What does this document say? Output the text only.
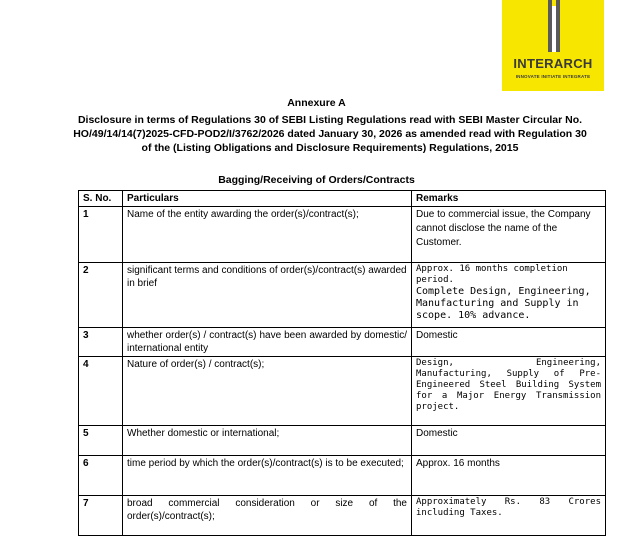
INTERARCH
INNOVATE INITIATE INTEGRATE
Annexure A
Disclosure in terms of Regulations 30 of SEBI Listing Regulations read with SEBI Master Circular No. HO/49/14/14(7)2025-CFD-POD2/I/3762/2026 dated January 30, 2026 as amended read with Regulation 30 of the (Listing Obligations and Disclosure Requirements) Regulations, 2015
Bagging/Receiving of Orders/Contracts
S. No.	Particulars	Remarks
1	Name of the entity awarding the order(s)/contract(s);	Due to commercial issue, the Company cannot disclose the name of the Customer.
2	significant terms and conditions of order(s)/contract(s) awarded in brief	Approx. 16 months completion period.
Complete Design, Engineering, Manufacturing and Supply in scope. 10% advance.

3	whether order(s) / contract(s) have been awarded by domestic/ international entity	Domestic
4	Nature of order(s) / contract(s);	Design, Engineering, Manufacturing, Supply of Pre-Engineered Steel Building System for a Major Energy Transmission project.
5	Whether domestic or international;	Domestic
6	time period by which the order(s)/contract(s) is to be executed;	Approx. 16 months
7	broad commercial consideration or size of the order(s)/contract(s);	Approximately Rs. 83 Crores
including Taxes.
